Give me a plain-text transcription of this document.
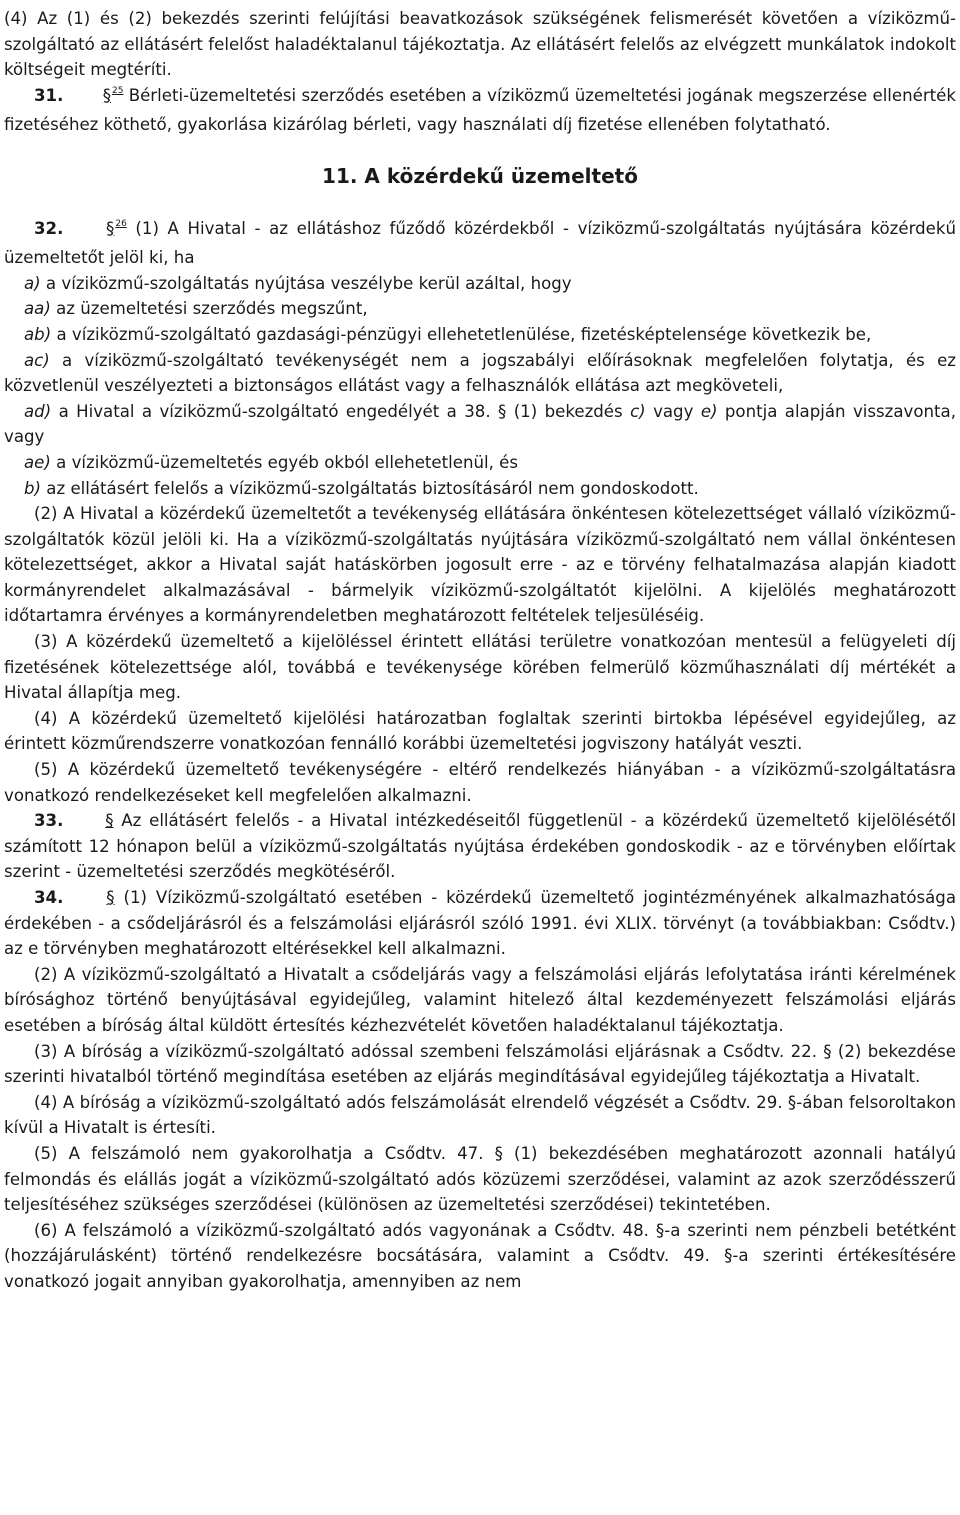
(4) Az (1) és (2) bekezdés szerinti felújítási beavatkozások szükségének felismerését követően a víziközmű-szolgáltató az ellátásért felelőst haladéktalanul tájékoztatja. Az ellátásért felelős az elvégzett munkálatok indokolt költségeit megtéríti.

31. §$^{25}$ Bérleti-üzemeltetési szerződés esetében a víziközmű üzemeltetési jogának megszerzése ellenérték fizetéséhez köthető, gyakorlása kizárólag bérleti, vagy használati díj fizetése ellenében folytatható.

11. A közérdekű üzemeltető

32.	§$^{26}$ (1) A Hivatal - az ellátáshoz fűződő közérdekből - víziközmű-szolgáltatás nyújtására közérdekű üzemeltetőt jelöl ki, ha

a) a víziközmű-szolgáltatás nyújtása veszélybe kerül azáltal, hogy

aa) az üzemeltetési szerződés megszűnt,

ab) a víziközmű-szolgáltató gazdasági-pénzügyi ellehetetlenülése, fizetésképtelensége következik be,

ac) a víziközmű-szolgáltató tevékenységét nem a jogszabályi előírásoknak megfelelően folytatja, és ez közvetlenül veszélyezteti a biztonságos ellátást vagy a felhasználók ellátása azt megköveteli,

ad) a Hivatal a víziközmű-szolgáltató engedélyét a 38. § (1) bekezdés c) vagy e) pontja alapján visszavonta, vagy

ae) a víziközmű-üzemeltetés egyéb okból ellehetetlenül, és

b) az ellátásért felelős a víziközmű-szolgáltatás biztosításáról nem gondoskodott.

(2) A Hivatal a közérdekű üzemeltetőt a tevékenység ellátására önkéntesen kötelezettséget vállaló víziközmű-szolgáltatók közül jelöli ki. Ha a víziközmű-szolgáltatás nyújtására víziközmű-szolgáltató nem vállal önkéntesen kötelezettséget, akkor a Hivatal saját hatáskörben jogosult erre - az e törvény felhatalmazása alapján kiadott kormányrendelet alkalmazásával - bármelyik víziközmű-szolgáltatót kijelölni. A kijelölés meghatározott időtartamra érvényes a kormányrendeletben meghatározott feltételek teljesüléséig.

(3) A közérdekű üzemeltető a kijelöléssel érintett ellátási területre vonatkozóan mentesül a felügyeleti díj fizetésének kötelezettsége alól, továbbá e tevékenysége körében felmerülő közműhasználati díj mértékét a Hivatal állapítja meg.

(4) A közérdekű üzemeltető kijelölési határozatban foglaltak szerinti birtokba lépésével egyidejűleg, az érintett közműrendszerre vonatkozóan fennálló korábbi üzemeltetési jogviszony hatályát veszti.

(5) A közérdekű üzemeltető tevékenységére - eltérő rendelkezés hiányában - a víziközmű-szolgáltatásra vonatkozó rendelkezéseket kell megfelelően alkalmazni.

33.	§ Az ellátásért felelős - a Hivatal intézkedéseitől függetlenül - a közérdekű üzemeltető kijelölésétől számított 12 hónapon belül a víziközmű-szolgáltatás nyújtása érdekében gondoskodik - az e törvényben előírtak szerint - üzemeltetési szerződés megkötéséről.

34.	§ (1) Víziközmű-szolgáltató esetében - közérdekű üzemeltető jogintézményének alkalmazhatósága érdekében - a csődeljárásról és a felszámolási eljárásról szóló 1991. évi XLIX. törvényt (a továbbiakban: Csődtv.) az e törvényben meghatározott eltérésekkel kell alkalmazni.

(2) A víziközmű-szolgáltató a Hivatalt a csődeljárás vagy a felszámolási eljárás lefolytatása iránti kérelmének bírósághoz történő benyújtásával egyidejűleg, valamint hitelező által kezdeményezett felszámolási eljárás esetében a bíróság által küldött értesítés kézhezvételét követően haladéktalanul tájékoztatja.

(3) A bíróság a víziközmű-szolgáltató adóssal szembeni felszámolási eljárásnak a Csődtv. 22. § (2) bekezdése szerinti hivatalból történő megindítása esetében az eljárás megindításával egyidejűleg tájékoztatja a Hivatalt.

(4) A bíróság a víziközmű-szolgáltató adós felszámolását elrendelő végzését a Csődtv. 29. §-ában felsoroltakon kívül a Hivatalt is értesíti.

(5) A felszámoló nem gyakorolhatja a Csődtv. 47. § (1) bekezdésében meghatározott azonnali hatályú felmondás és elállás jogát a víziközmű-szolgáltató adós közüzemi szerződései, valamint az azok szerződésszerű teljesítéséhez szükséges szerződései (különösen az üzemeltetési szerződései) tekintetében.

(6) A felszámoló a víziközmű-szolgáltató adós vagyonának a Csődtv. 48. §-a szerinti nem pénzbeli betétként (hozzájárulásként) történő rendelkezésre bocsátására, valamint a Csődtv. 49. §-a szerinti értékesítésére vonatkozó jogait annyiban gyakorolhatja, amennyiben az nem
